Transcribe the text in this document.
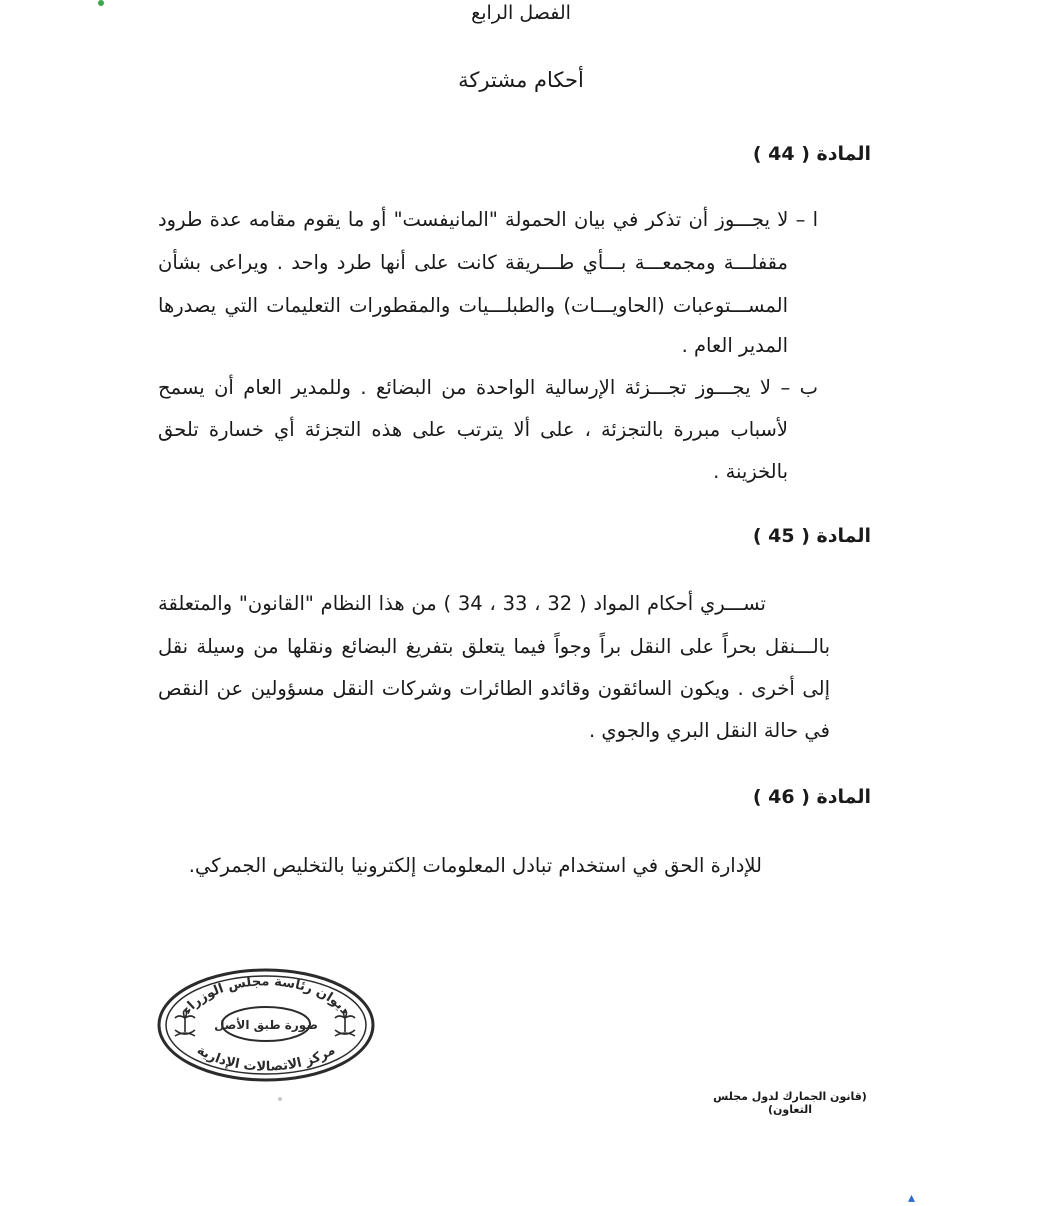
الفصل الرابع
أحكام مشتركة
المادة ( 44 )
ا – لا يجـــوز أن تذكر في بيان الحمولة "المانيفست" أو ما يقوم مقامه عدة طرود
مقفلـــة ومجمعـــة بـــأي طـــريقة كانت على أنها طرد واحد . ويراعى بشأن
المســـتوعبات (الحاويـــات) والطبلـــيات والمقطورات التعليمات التي يصدرها
المدير العام .
ب – لا يجـــوز تجـــزئة الإرسالية الواحدة من البضائع . وللمدير العام أن يسمح
لأسباب مبررة بالتجزئة ، على ألا يترتب على هذه التجزئة أي خسارة تلحق
بالخزينة .
المادة ( 45 )
تســـري أحكام المواد ( 32 ، 33 ، 34 ) من هذا النظام "القانون" والمتعلقة
بالـــنقل بحراً على النقل براً وجواً فيما يتعلق بتفريغ البضائع ونقلها من وسيلة نقل
إلى أخرى . ويكون السائقون وقائدو الطائرات وشركات النقل مسؤولين عن النقص
في حالة النقل البري والجوي .
المادة ( 46 )
للإدارة الحق في استخدام تبادل المعلومات إلكترونيا بالتخليص الجمركي.
ديوان رئاسة مجلس الوزراء
صورة طبق الأصل
مركز الاتصالات الإدارية
(قانون الجمارك لدول مجلس التعاون)
▴
